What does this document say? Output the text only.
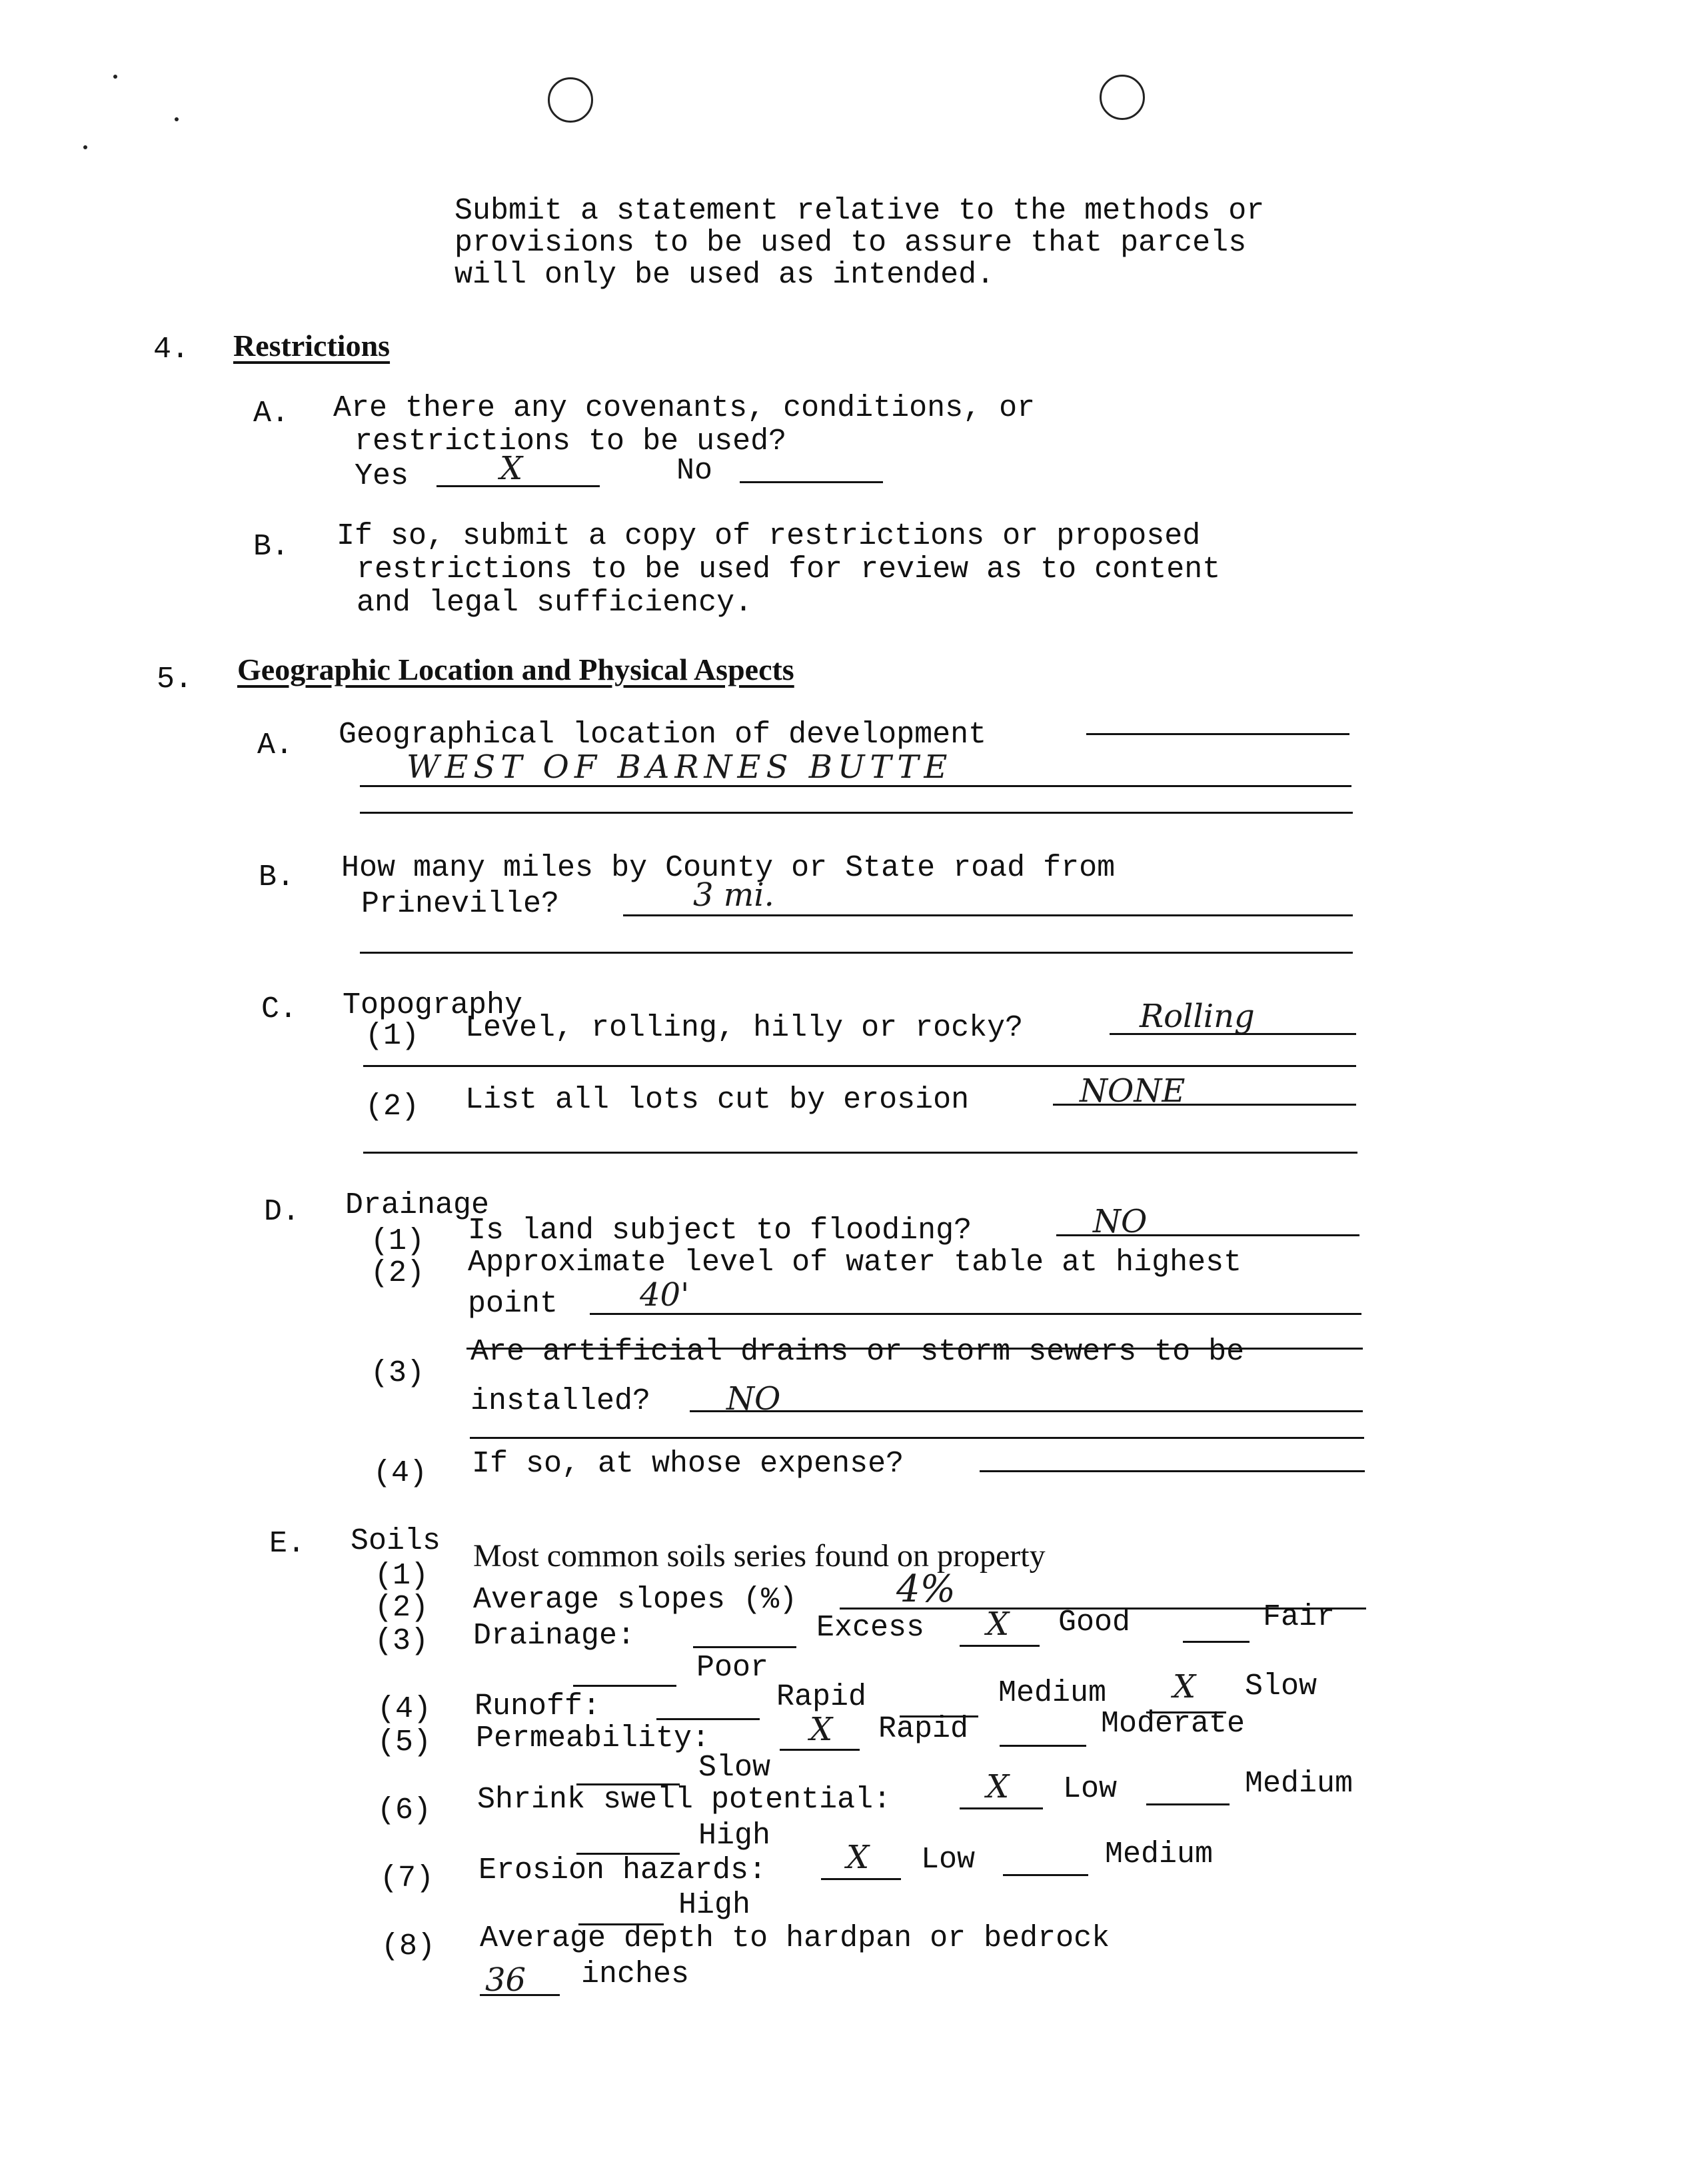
Submit a statement relative to the methods or
provisions to be used to assure that parcels
will only be used as intended.
4. Restrictions
A. Are there any covenants, conditions, or
restrictions to be used?
Yes	X	No
B. If so, submit a copy of restrictions or proposed
restrictions to be used for review as to content
and legal sufficiency.
5. Geographic Location and Physical Aspects
A. Geographical location of development
WEST OF BARNES BUTTE
B. How many miles by County or State road from
Prineville?	3 mi.
C. Topography
(1) Level, rolling, hilly or rocky?	Rolling
(2) List all lots cut by erosion	NONE
D. Drainage
(1) Is land subject to flooding?	NO
(2) Approximate level of water table at highest
point	40'
(3)
Are artificial drains or storm sewers to be
installed? NO
(4) If so, at whose expense?
E. Soils
(1)
Most common soils series found on property
(2) Average slopes (%)	4%
(3) Drainage:	Excess X Good	Fair
Poor
(4) Runoff:	Rapid	Medium X Slow
(5) Permeability:	X Rapid	Moderate
Slow
(6) Shrink swell potential:	X Low	Medium
High
(7) Erosion hazards: X Low	Medium
High
(8) Average depth to hardpan or bedrock
36 inches
